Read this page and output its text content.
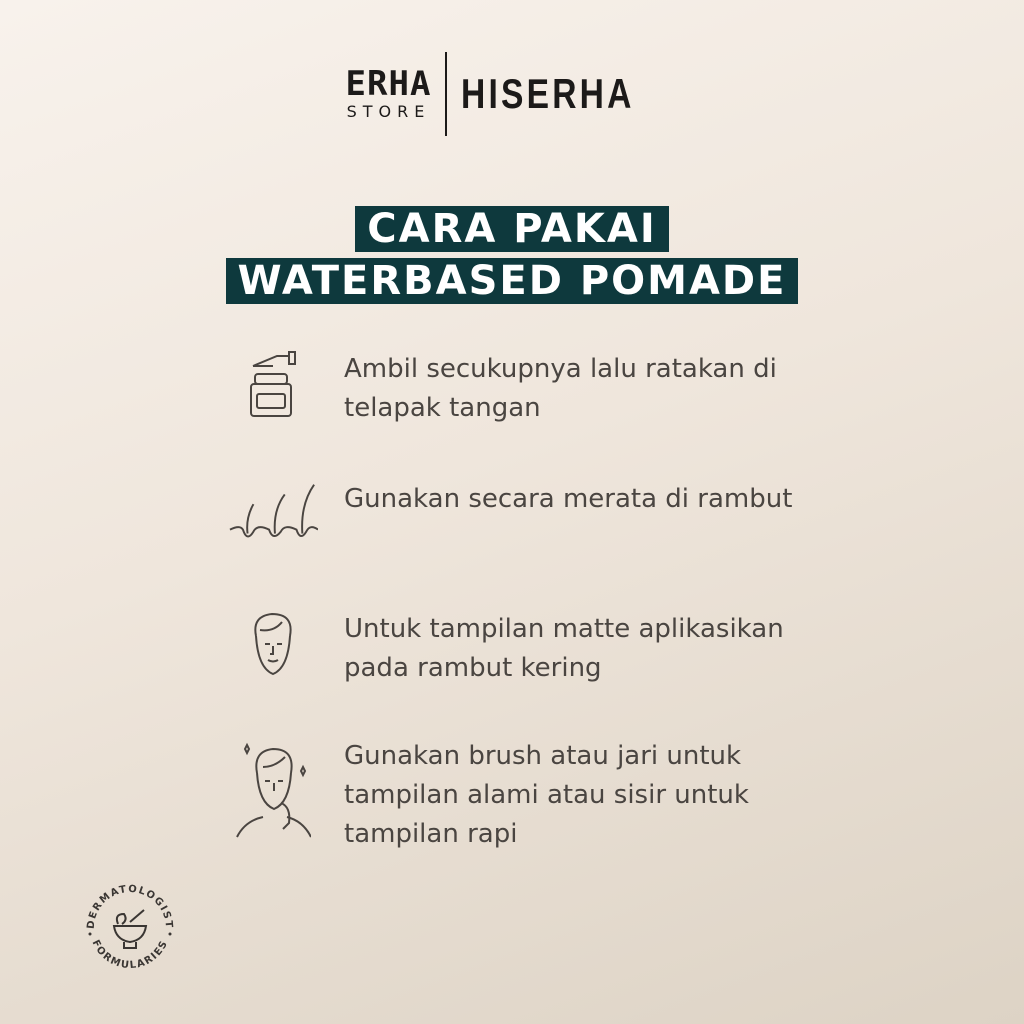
ERHA
STORE HISERHA
CARA PAKAI
WATERBASED POMADE
Ambil secukupnya lalu ratakan di telapak tangan
Gunakan secara merata di rambut
Untuk tampilan matte aplikasikan pada rambut kering
Gunakan brush atau jari untuk tampilan alami atau sisir untuk tampilan rapi
DERMATOLOGIST
FORMULARIES
